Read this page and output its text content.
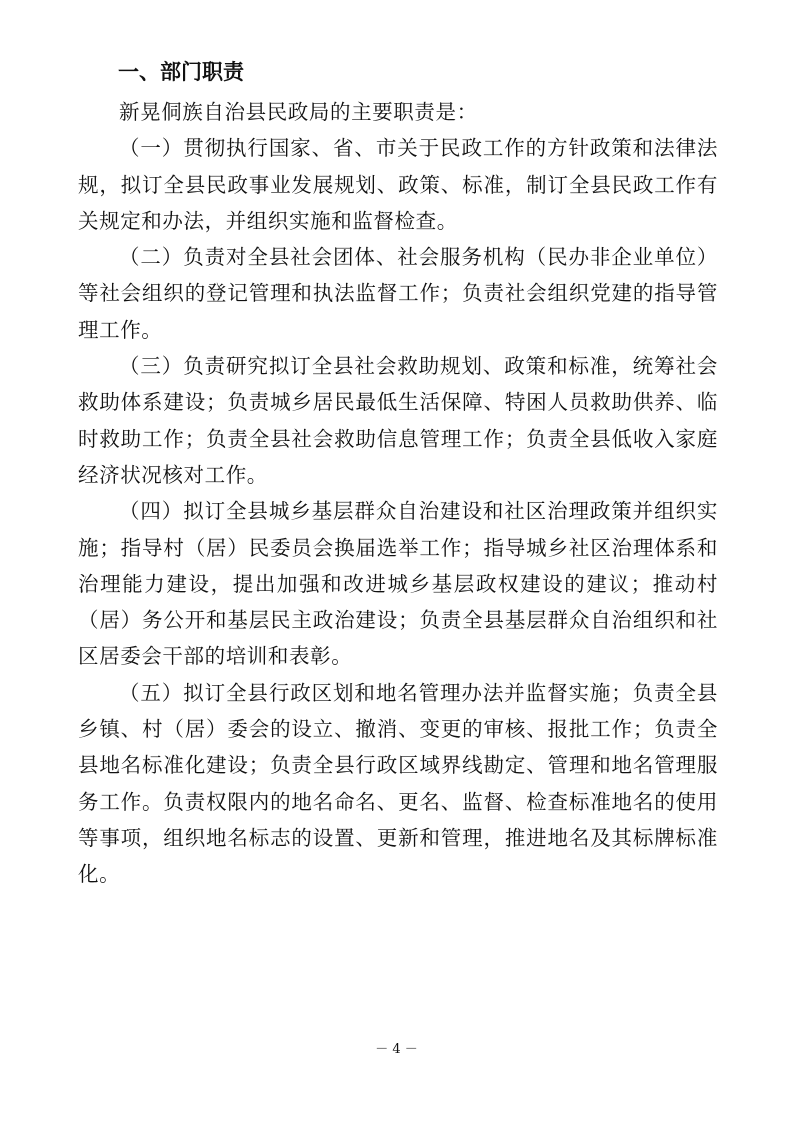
一、部门职责

新晃侗族自治县民政局的主要职责是：

（一）贯彻执行国家、省、市关于民政工作的方针政策和法律法规，拟订全县民政事业发展规划、政策、标准，制订全县民政工作有关规定和办法，并组织实施和监督检查。

（二）负责对全县社会团体、社会服务机构（民办非企业单位）等社会组织的登记管理和执法监督工作；负责社会组织党建的指导管理工作。

（三）负责研究拟订全县社会救助规划、政策和标准，统筹社会救助体系建设；负责城乡居民最低生活保障、特困人员救助供养、临时救助工作；负责全县社会救助信息管理工作；负责全县低收入家庭经济状况核对工作。

（四）拟订全县城乡基层群众自治建设和社区治理政策并组织实施；指导村（居）民委员会换届选举工作；指导城乡社区治理体系和治理能力建设，提出加强和改进城乡基层政权建设的建议；推动村（居）务公开和基层民主政治建设；负责全县基层群众自治组织和社区居委会干部的培训和表彰。

（五）拟订全县行政区划和地名管理办法并监督实施；负责全县乡镇、村（居）委会的设立、撤消、变更的审核、报批工作；负责全县地名标准化建设；负责全县行政区域界线勘定、管理和地名管理服务工作。负责权限内的地名命名、更名、监督、检查标准地名的使用等事项，组织地名标志的设置、更新和管理，推进地名及其标牌标准化。

－ 4 －
